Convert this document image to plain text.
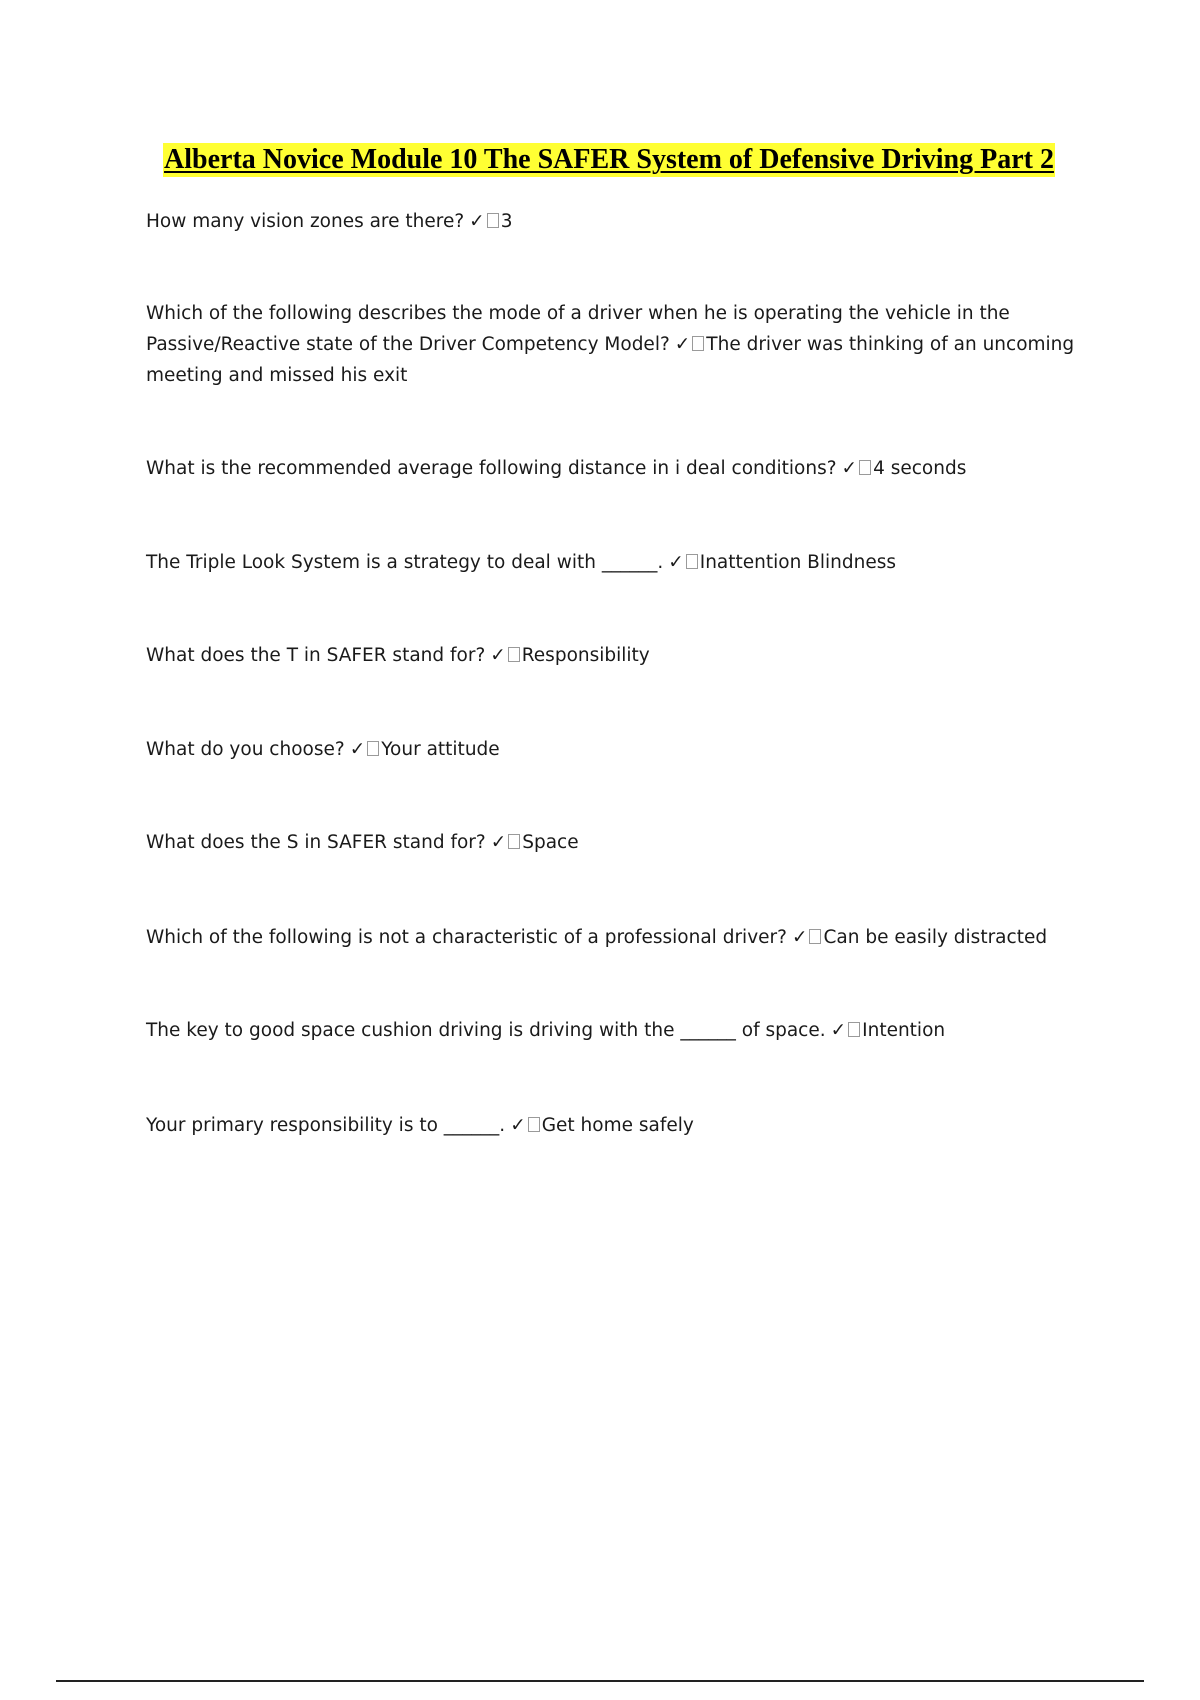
Alberta Novice Module 10 The SAFER System of Defensive Driving Part 2
How many vision zones are there? ✓ 3
Which of the following describes the mode of a driver when he is operating the vehicle in the Passive/Reactive state of the Driver Competency Model? ✓ The driver was thinking of an uncoming meeting and missed his exit
What is the recommended average following distance in i deal conditions? ✓ 4 seconds
The Triple Look System is a strategy to deal with ______. ✓ Inattention Blindness
What does the T in SAFER stand for? ✓ Responsibility
What do you choose? ✓ Your attitude
What does the S in SAFER stand for? ✓ Space
Which of the following is not a characteristic of a professional driver? ✓ Can be easily distracted
The key to good space cushion driving is driving with the ______ of space. ✓ Intention
Your primary responsibility is to ______. ✓ Get home safely
